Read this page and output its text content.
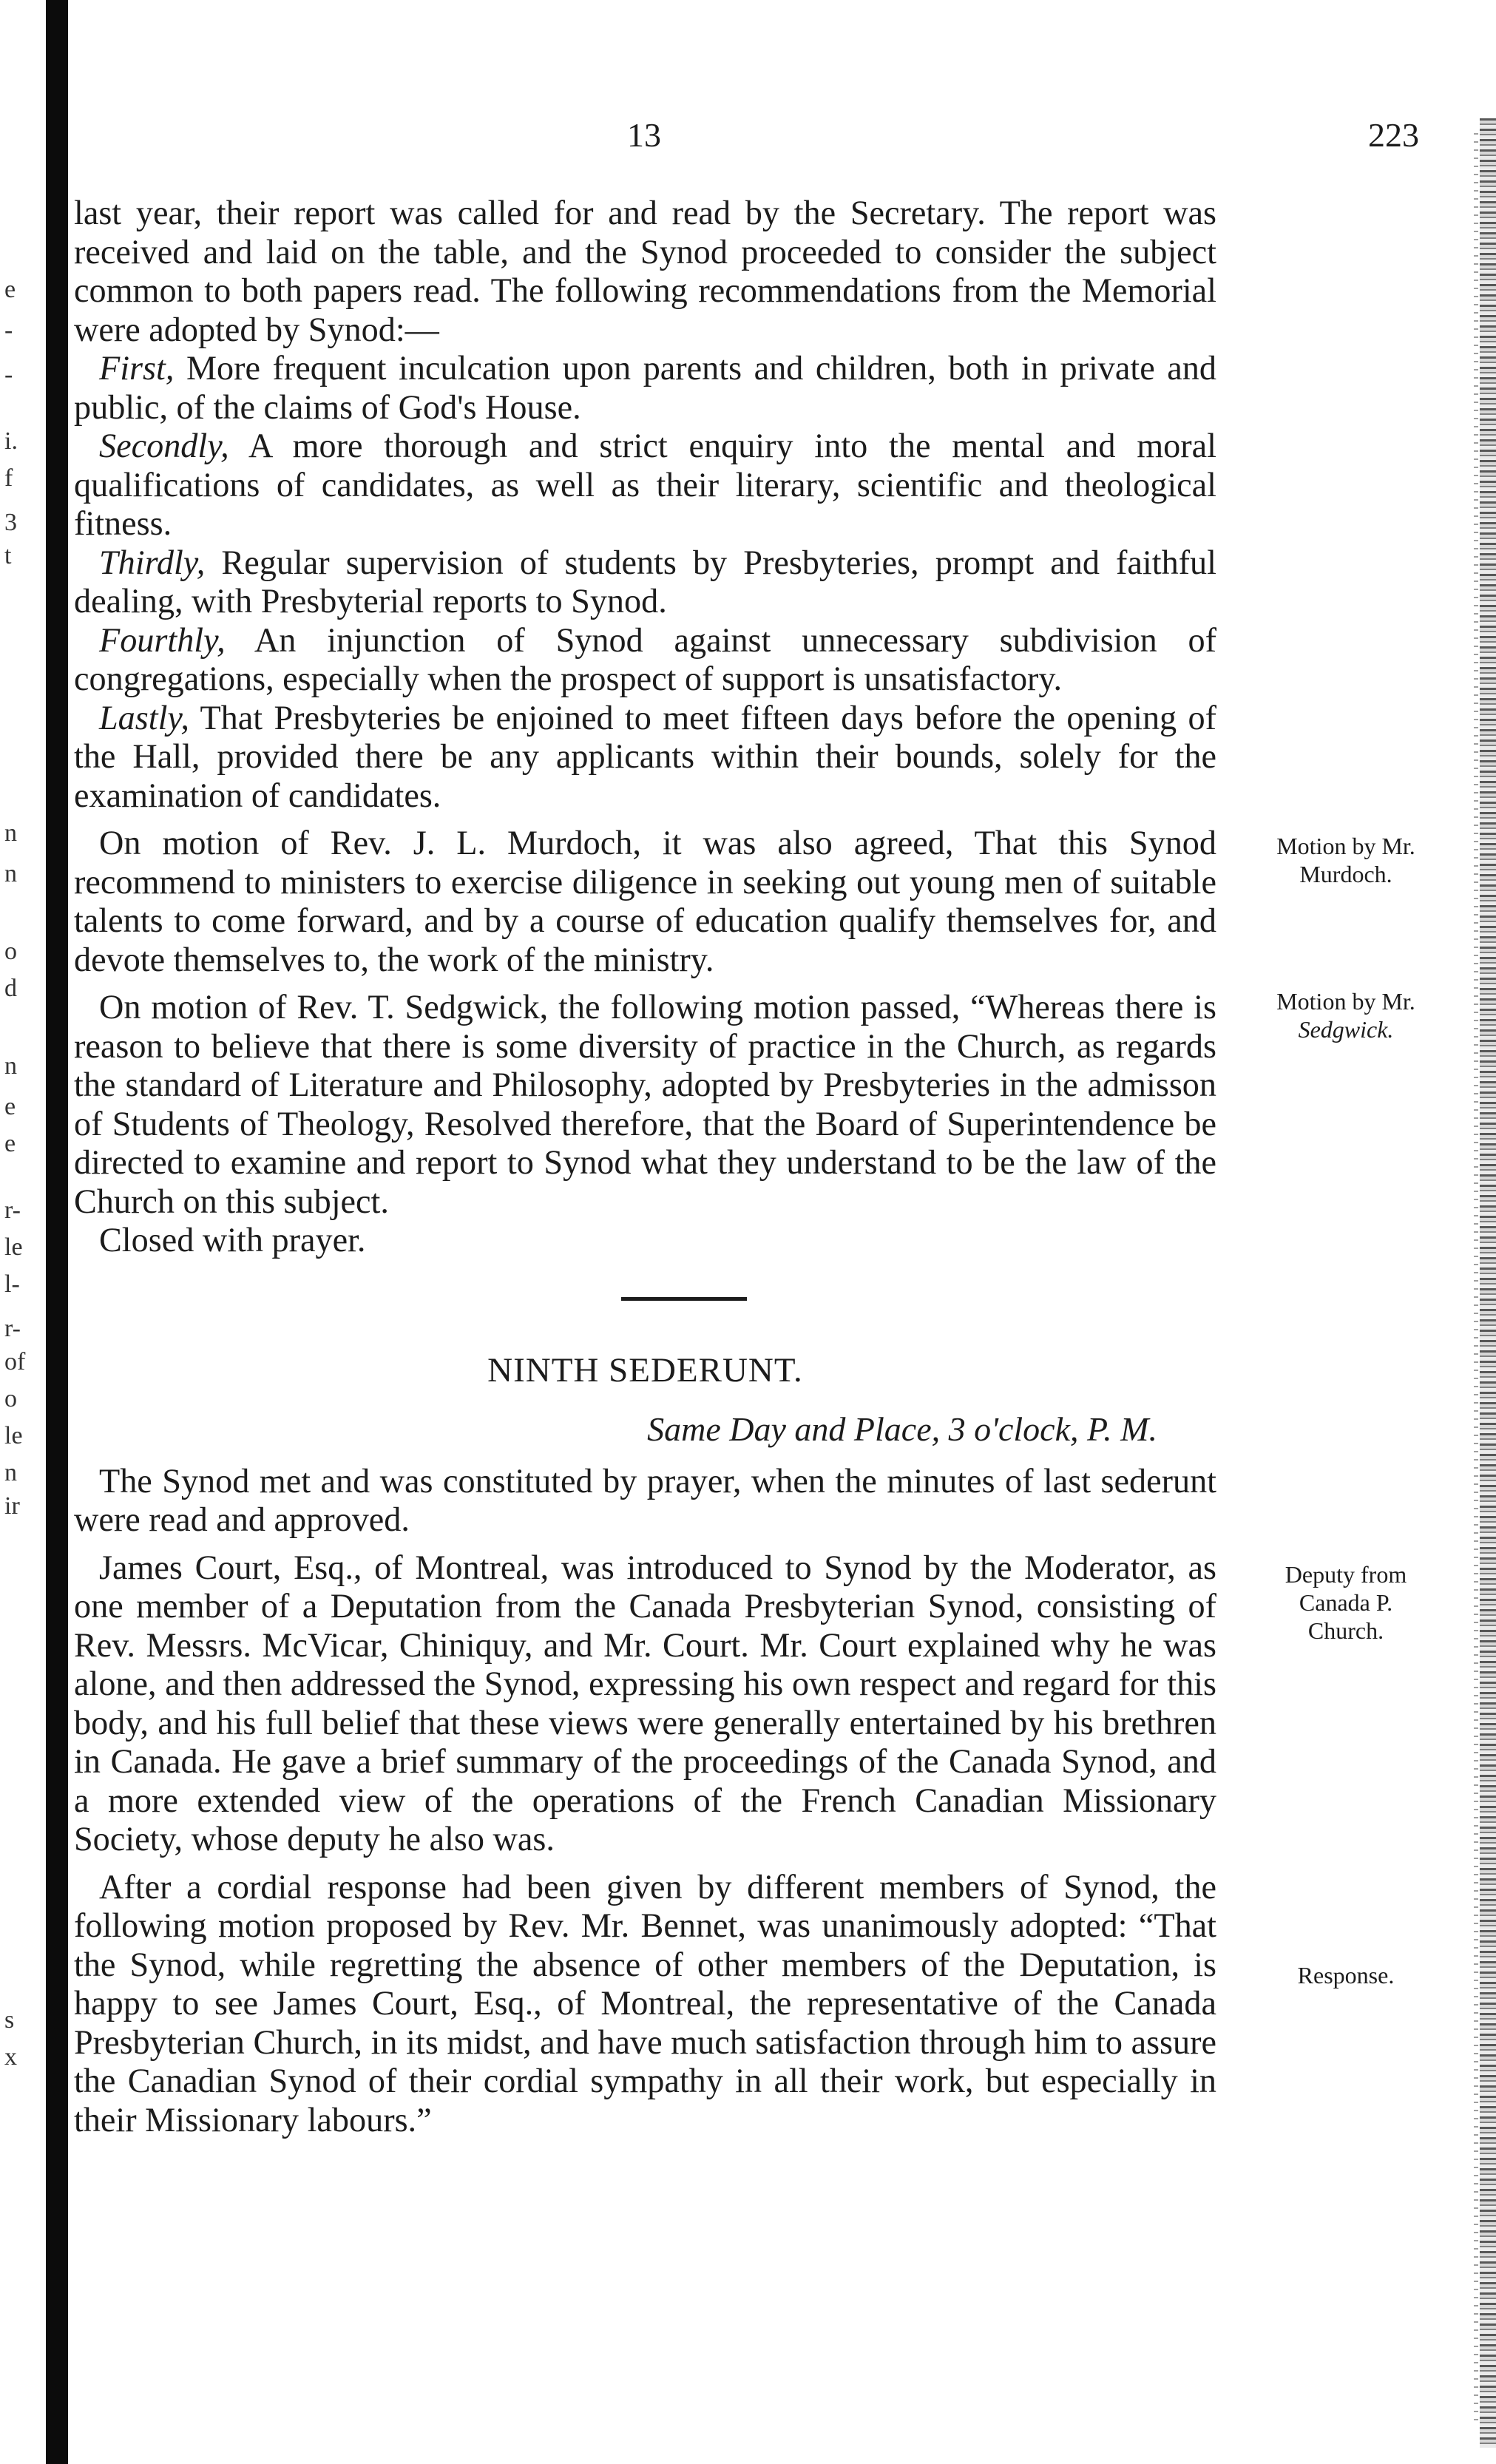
e
-
-
i.
f
3
t
n
n
o
d
n
e
e
r-
le
l-
r-
of
o
le
n
ir
s
x
13	223

last year, their report was called for and read by the Secretary. The report was received and laid on the table, and the Synod proceeded to consider the subject common to both papers read. The following recommendations from the Memorial were adopted by Synod:—

First, More frequent inculcation upon parents and children, both in private and public, of the claims of God's House.

Secondly, A more thorough and strict enquiry into the mental and moral qualifications of candidates, as well as their literary, scientific and theological fitness.

Thirdly, Regular supervision of students by Presbyteries, prompt and faithful dealing, with Presbyterial reports to Synod.

Fourthly, An injunction of Synod against unnecessary subdivision of congregations, especially when the prospect of support is unsatisfactory.

Lastly, That Presbyteries be enjoined to meet fifteen days before the opening of the Hall, provided there be any applicants within their bounds, solely for the examination of candidates.

On motion of Rev. J. L. Murdoch, it was also agreed, That this Synod recommend to ministers to exercise diligence in seeking out young men of suitable talents to come forward, and by a course of education qualify themselves for, and devote themselves to, the work of the ministry.

On motion of Rev. T. Sedgwick, the following motion passed, “Whereas there is reason to believe that there is some diversity of practice in the Church, as regards the standard of Literature and Philosophy, adopted by Presbyteries in the admisson of Students of Theology, Resolved therefore, that the Board of Superintendence be directed to examine and report to Synod what they understand to be the law of the Church on this subject.

Closed with prayer.

NINTH SEDERUNT.
Same Day and Place, 3 o'clock, P. M.

The Synod met and was constituted by prayer, when the minutes of last sederunt were read and approved.

James Court, Esq., of Montreal, was introduced to Synod by the Moderator, as one member of a Deputation from the Canada Presbyterian Synod, consisting of Rev. Messrs. McVicar, Chiniquy, and Mr. Court. Mr. Court explained why he was alone, and then addressed the Synod, expressing his own respect and regard for this body, and his full belief that these views were generally entertained by his brethren in Canada. He gave a brief summary of the proceedings of the Canada Synod, and a more extended view of the operations of the French Canadian Missionary Society, whose deputy he also was.

After a cordial response had been given by different members of Synod, the following motion proposed by Rev. Mr. Bennet, was unanimously adopted: “That the Synod, while regretting the absence of other members of the Deputation, is happy to see James Court, Esq., of Montreal, the representative of the Canada Presbyterian Church, in its midst, and have much satisfaction through him to assure the Canadian Synod of their cordial sympathy in all their work, but especially in their Missionary labours.”

Motion by Mr.
Murdoch.
Motion by Mr.
Sedgwick.
Deputy from
Canada P.
Church.
Response.
